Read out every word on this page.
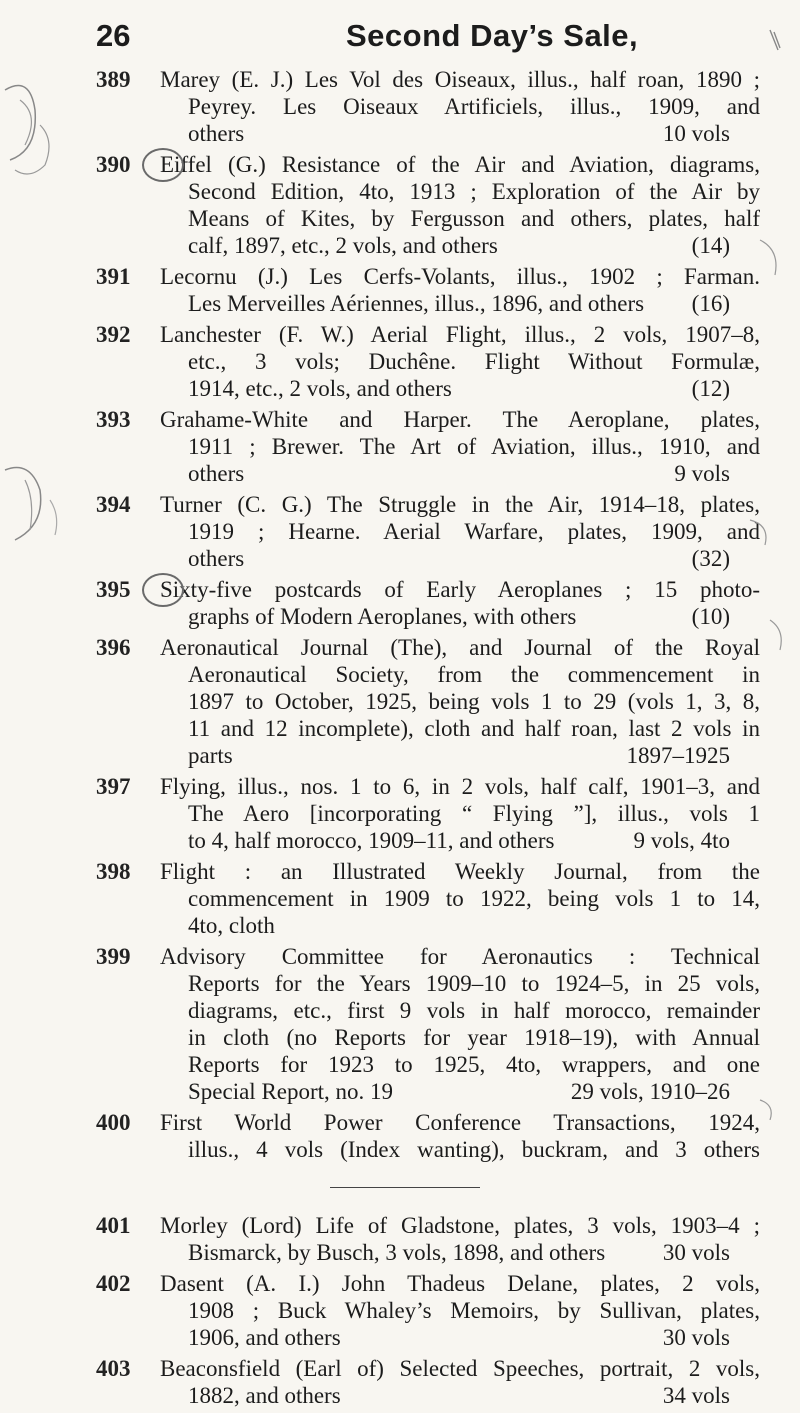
26	Second Day’s Sale,
389	Marey (E. J.) Les Vol des Oiseaux, illus., half roan, 1890 ;
Peyrey. Les Oiseaux Artificiels, illus., 1909, and
others	10 vols
390	Eiffel (G.) Resistance of the Air and Aviation, diagrams,
Second Edition, 4to, 1913 ; Exploration of the Air by
Means of Kites, by Fergusson and others, plates, half
calf, 1897, etc., 2 vols, and others	(14)
391	Lecornu (J.) Les Cerfs-Volants, illus., 1902 ; Farman.
Les Merveilles Aériennes, illus., 1896, and others (16)
392	Lanchester (F. W.) Aerial Flight, illus., 2 vols, 1907–8,
etc., 3 vols; Duchêne. Flight Without Formulæ,
1914, etc., 2 vols, and others	(12)
393	Grahame-White and Harper. The Aeroplane, plates,
1911 ; Brewer. The Art of Aviation, illus., 1910, and
others	9 vols
394	Turner (C. G.) The Struggle in the Air, 1914–18, plates,
1919 ; Hearne. Aerial Warfare, plates, 1909, and
others	(32)
395	Sixty-five postcards of Early Aeroplanes ; 15 photo-
graphs of Modern Aeroplanes, with others	(10)
396	Aeronautical Journal (The), and Journal of the Royal
Aeronautical Society, from the commencement in
1897 to October, 1925, being vols 1 to 29 (vols 1, 3, 8,
11 and 12 incomplete), cloth and half roan, last 2 vols in
parts	1897–1925
397	Flying, illus., nos. 1 to 6, in 2 vols, half calf, 1901–3, and
The Aero [incorporating “ Flying ”], illus., vols 1
to 4, half morocco, 1909–11, and others	9 vols, 4to
398	Flight : an Illustrated Weekly Journal, from the
commencement in 1909 to 1922, being vols 1 to 14,
4to, cloth
399	Advisory Committee for Aeronautics : Technical
Reports for the Years 1909–10 to 1924–5, in 25 vols,
diagrams, etc., first 9 vols in half morocco, remainder
in cloth (no Reports for year 1918–19), with Annual
Reports for 1923 to 1925, 4to, wrappers, and one
Special Report, no. 19	29 vols, 1910–26
400	First World Power Conference Transactions, 1924,
illus., 4 vols (Index wanting), buckram, and 3 others
401	Morley (Lord) Life of Gladstone, plates, 3 vols, 1903–4 ;
Bismarck, by Busch, 3 vols, 1898, and others	30 vols
402	Dasent (A. I.) John Thadeus Delane, plates, 2 vols,
1908 ; Buck Whaley’s Memoirs, by Sullivan, plates,
1906, and others	30 vols
403	Beaconsfield (Earl of) Selected Speeches, portrait, 2 vols,
1882, and others	34 vols
